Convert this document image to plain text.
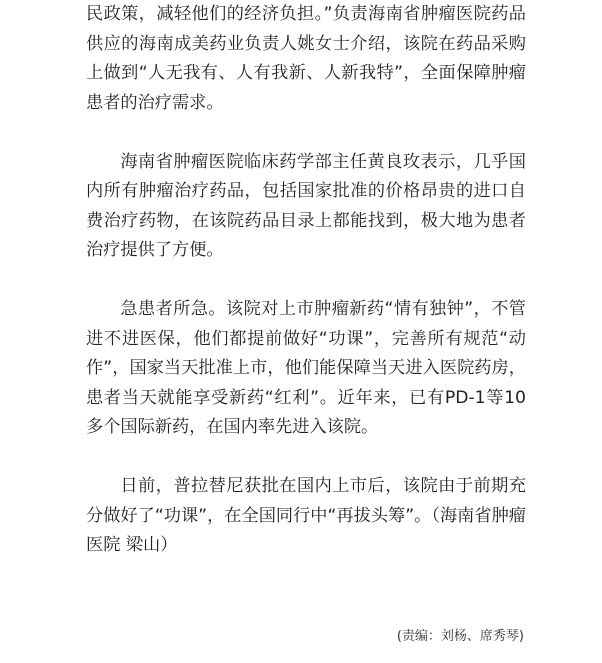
民政策，减轻他们的经济负担。”负责海南省肿瘤医院药品供应的海南成美药业负责人姚女士介绍，该院在药品采购上做到“人无我有、人有我新、人新我特”，全面保障肿瘤患者的治疗需求。

海南省肿瘤医院临床药学部主任黄良玫表示，几乎国内所有肿瘤治疗药品，包括国家批准的价格昂贵的进口自费治疗药物，在该院药品目录上都能找到，极大地为患者治疗提供了方便。

急患者所急。该院对上市肿瘤新药“情有独钟”，不管进不进医保，他们都提前做好“功课”，完善所有规范“动作”，国家当天批准上市，他们能保障当天进入医院药房，患者当天就能享受新药“红利”。近年来，已有PD-1等10多个国际新药，在国内率先进入该院。

日前，普拉替尼获批在国内上市后，该院由于前期充分做好了“功课”，在全国同行中“再拔头筹”。（海南省肿瘤医院 梁山）

(责编：刘杨、席秀琴)
